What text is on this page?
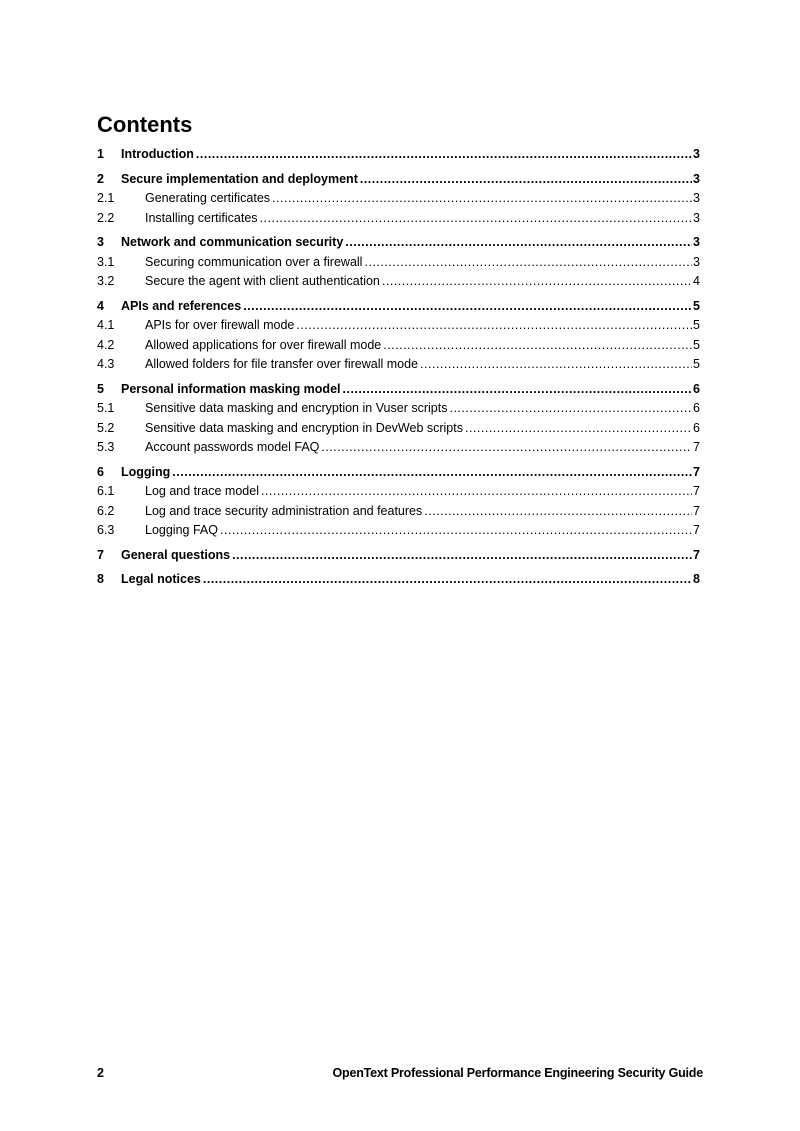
Contents
1	Introduction .....	3
2	Secure implementation and deployment .....	3
2.1	Generating certificates .....	3
2.2	Installing certificates .....	3
3	Network and communication security .....	3
3.1	Securing communication over a firewall .....	3
3.2	Secure the agent with client authentication .....	4
4	APIs and references .....	5
4.1	APIs for over firewall mode .....	5
4.2	Allowed applications for over firewall mode .....	5
4.3	Allowed folders for file transfer over firewall mode .....	5
5	Personal information masking model .....	6
5.1	Sensitive data masking and encryption in Vuser scripts .....	6
5.2	Sensitive data masking and encryption in DevWeb scripts .....	6
5.3	Account passwords model FAQ .....	7
6	Logging .....	7
6.1	Log and trace model .....	7
6.2	Log and trace security administration and features .....	7
6.3	Logging FAQ .....	7
7	General questions .....	7
8	Legal notices .....	8
2	OpenText Professional Performance Engineering Security Guide
